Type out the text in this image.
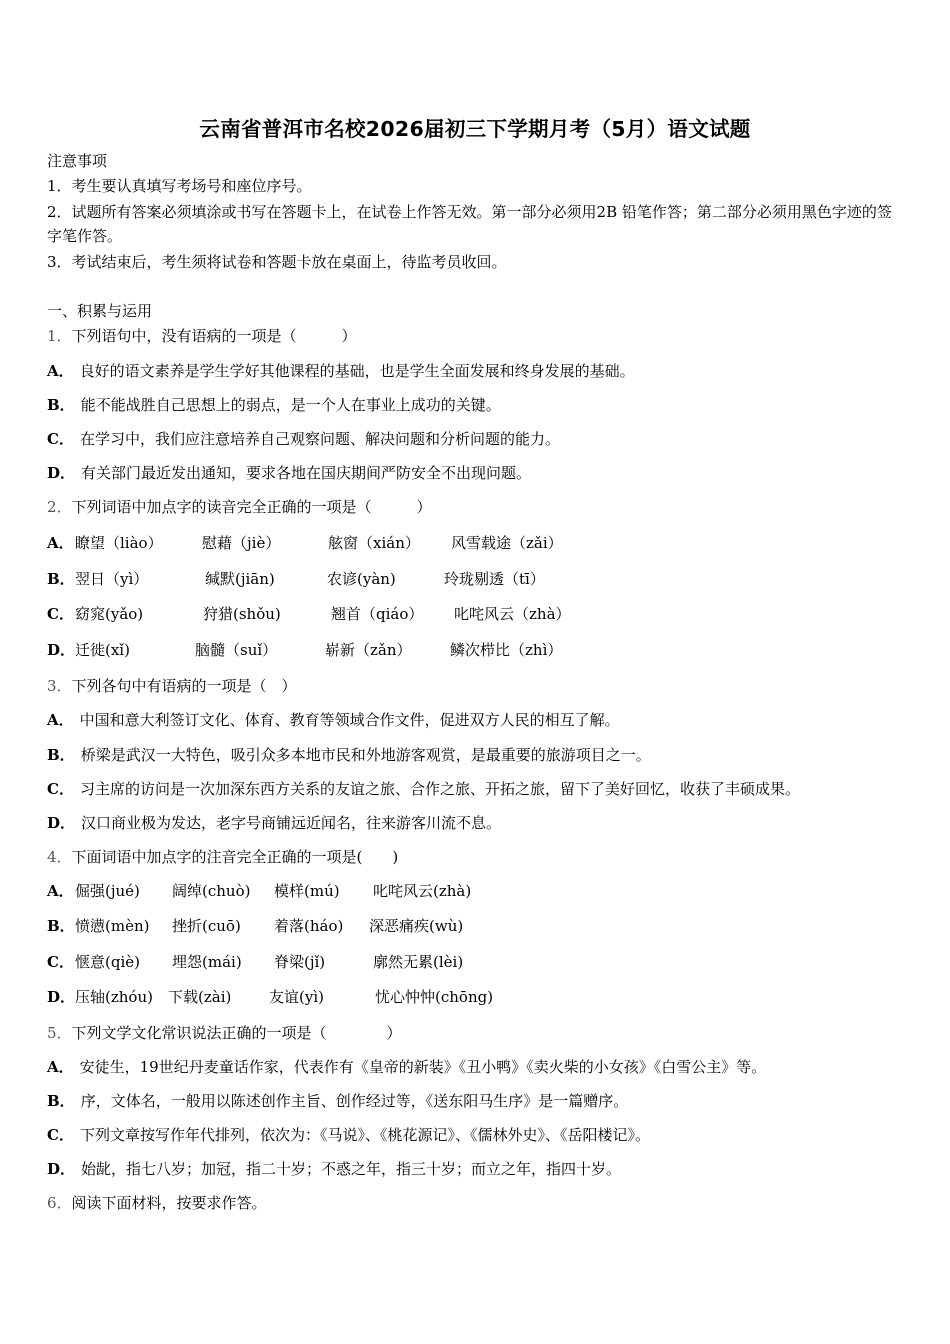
云南省普洱市名校2026届初三下学期月考（5月）语文试题
注意事项
1．考生要认真填写考场号和座位序号。
2．试题所有答案必须填涂或书写在答题卡上，在试卷上作答无效。第一部分必须用2B 铅笔作答；第二部分必须用黑色字迹的签字笔作答。
3．考试结束后，考生须将试卷和答题卡放在桌面上，待监考员收回。
一、积累与运用
1．下列语句中，没有语病的一项是（　　　）
A． 良好的语文素养是学生学好其他课程的基础，也是学生全面发展和终身发展的基础。
B． 能不能战胜自己思想上的弱点，是一个人在事业上成功的关键。
C． 在学习中，我们应注意培养自己观察问题、解决问题和分析问题的能力。
D． 有关部门最近发出通知，要求各地在国庆期间严防安全不出现问题。
2．下列词语中加点字的读音完全正确的一项是（　　　）
A． 瞭望（liào）	慰藉（jiè）	舷窗（xián） 风雪载途（zǎi）
B． 翌日（yì）	缄默(jiān)	农谚(yàn)	玲珑剔透（tī）
C． 窈窕(yǎo)	狩猎(shǒu)	翘首（qiáo） 叱咤风云（zhà）
D． 迁徙(xǐ)	脑髓（suǐ）	崭新（zǎn）	鳞次栉比（zhì）
3．下列各句中有语病的一项是（　）
A． 中国和意大利签订文化、体育、教育等领域合作文件，促进双方人民的相互了解。
B． 桥梁是武汉一大特色，吸引众多本地市民和外地游客观赏，是最重要的旅游项目之一。
C． 习主席的访问是一次加深东西方关系的友谊之旅、合作之旅、开拓之旅，留下了美好回忆，收获了丰硕成果。
D． 汉口商业极为发达，老字号商铺远近闻名，往来游客川流不息。
4．下面词语中加点字的注音完全正确的一项是(　　)
A． 倔强(jué) 阔绰(chuò) 模样(mú) 叱咤风云(zhà)
B． 愤懑(mèn) 挫折(cuō) 着落(háo) 深恶痛疾(wù)
C． 惬意(qiè) 埋怨(mái) 脊梁(jǐ)	廓然无累(lèi)
D． 压轴(zhóu) 下载(zài)	友谊(yì)	忧心忡忡(chōng)
5．下列文学文化常识说法正确的一项是（　　　　）
A． 安徒生，19世纪丹麦童话作家，代表作有《皇帝的新装》《丑小鸭》《卖火柴的小女孩》《白雪公主》等。
B． 序，文体名，一般用以陈述创作主旨、创作经过等，《送东阳马生序》是一篇赠序。
C． 下列文章按写作年代排列，依次为：《马说》、《桃花源记》、《儒林外史》、《岳阳楼记》。
D． 始龀，指七八岁；加冠，指二十岁；不惑之年，指三十岁；而立之年，指四十岁。
6．阅读下面材料，按要求作答。
